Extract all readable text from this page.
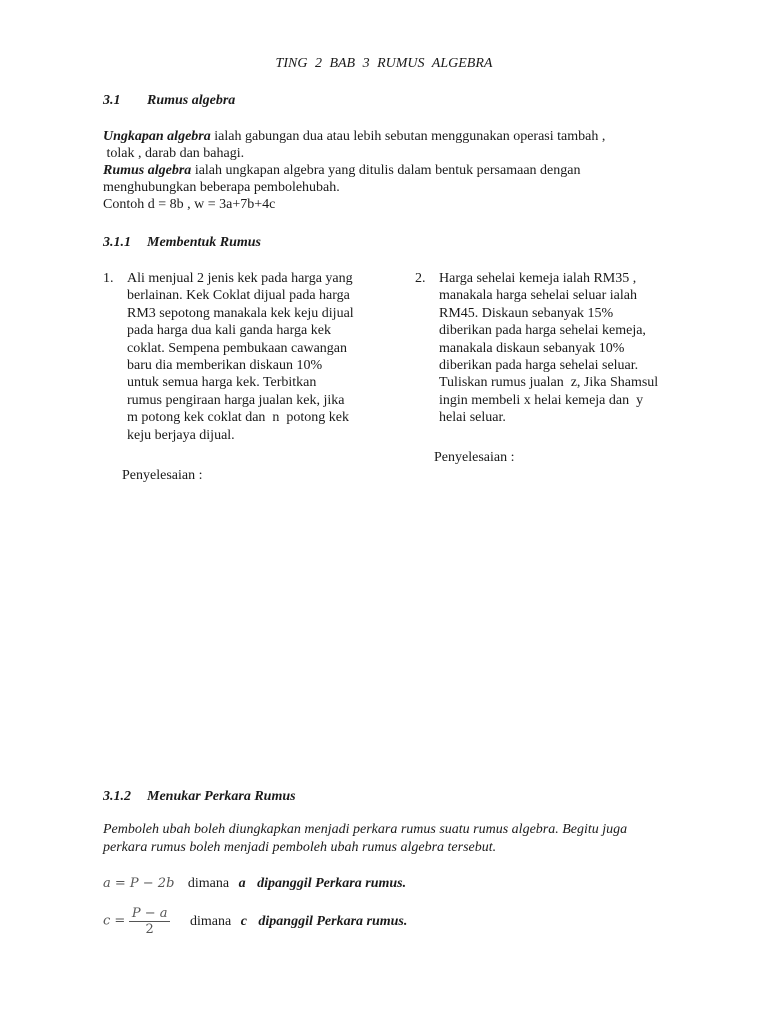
TING 2 BAB 3 RUMUS ALGEBRA
3.1 Rumus algebra
Ungkapan algebra ialah gabungan dua atau lebih sebutan menggunakan operasi tambah ,
tolak , darab dan bahagi.
Rumus algebra ialah ungkapan algebra yang ditulis dalam bentuk persamaan dengan
menghubungkan beberapa pembolehubah.
Contoh d = 8b , w = 3a+7b+4c
3.1.1 Membentuk Rumus
1. Ali menjual 2 jenis kek pada harga yang
berlainan. Kek Coklat dijual pada harga
RM3 sepotong manakala kek keju dijual
pada harga dua kali ganda harga kek
coklat. Sempena pembukaan cawangan
baru dia memberikan diskaun 10%
untuk semua harga kek. Terbitkan
rumus pengiraan harga jualan kek, jika
m potong kek coklat dan  n  potong kek
keju berjaya dijual.
Penyelesaian :
2. Harga sehelai kemeja ialah RM35 ,
manakala harga sehelai seluar ialah
RM45. Diskaun sebanyak 15%
diberikan pada harga sehelai kemeja,
manakala diskaun sebanyak 10%
diberikan pada harga sehelai seluar.
Tuliskan rumus jualan  z, Jika Shamsul
ingin membeli x helai kemeja dan  y
helai seluar.
Penyelesaian :
3.1.2 Menukar Perkara Rumus
Pemboleh ubah boleh diungkapkan menjadi perkara rumus suatu rumus algebra. Begitu juga
perkara rumus boleh menjadi pemboleh ubah rumus algebra tersebut.
a = P − 2b dimana a dipanggil Perkara rumus.
$c = \frac{P - a}{2}$ dimana c dipanggil Perkara rumus.
